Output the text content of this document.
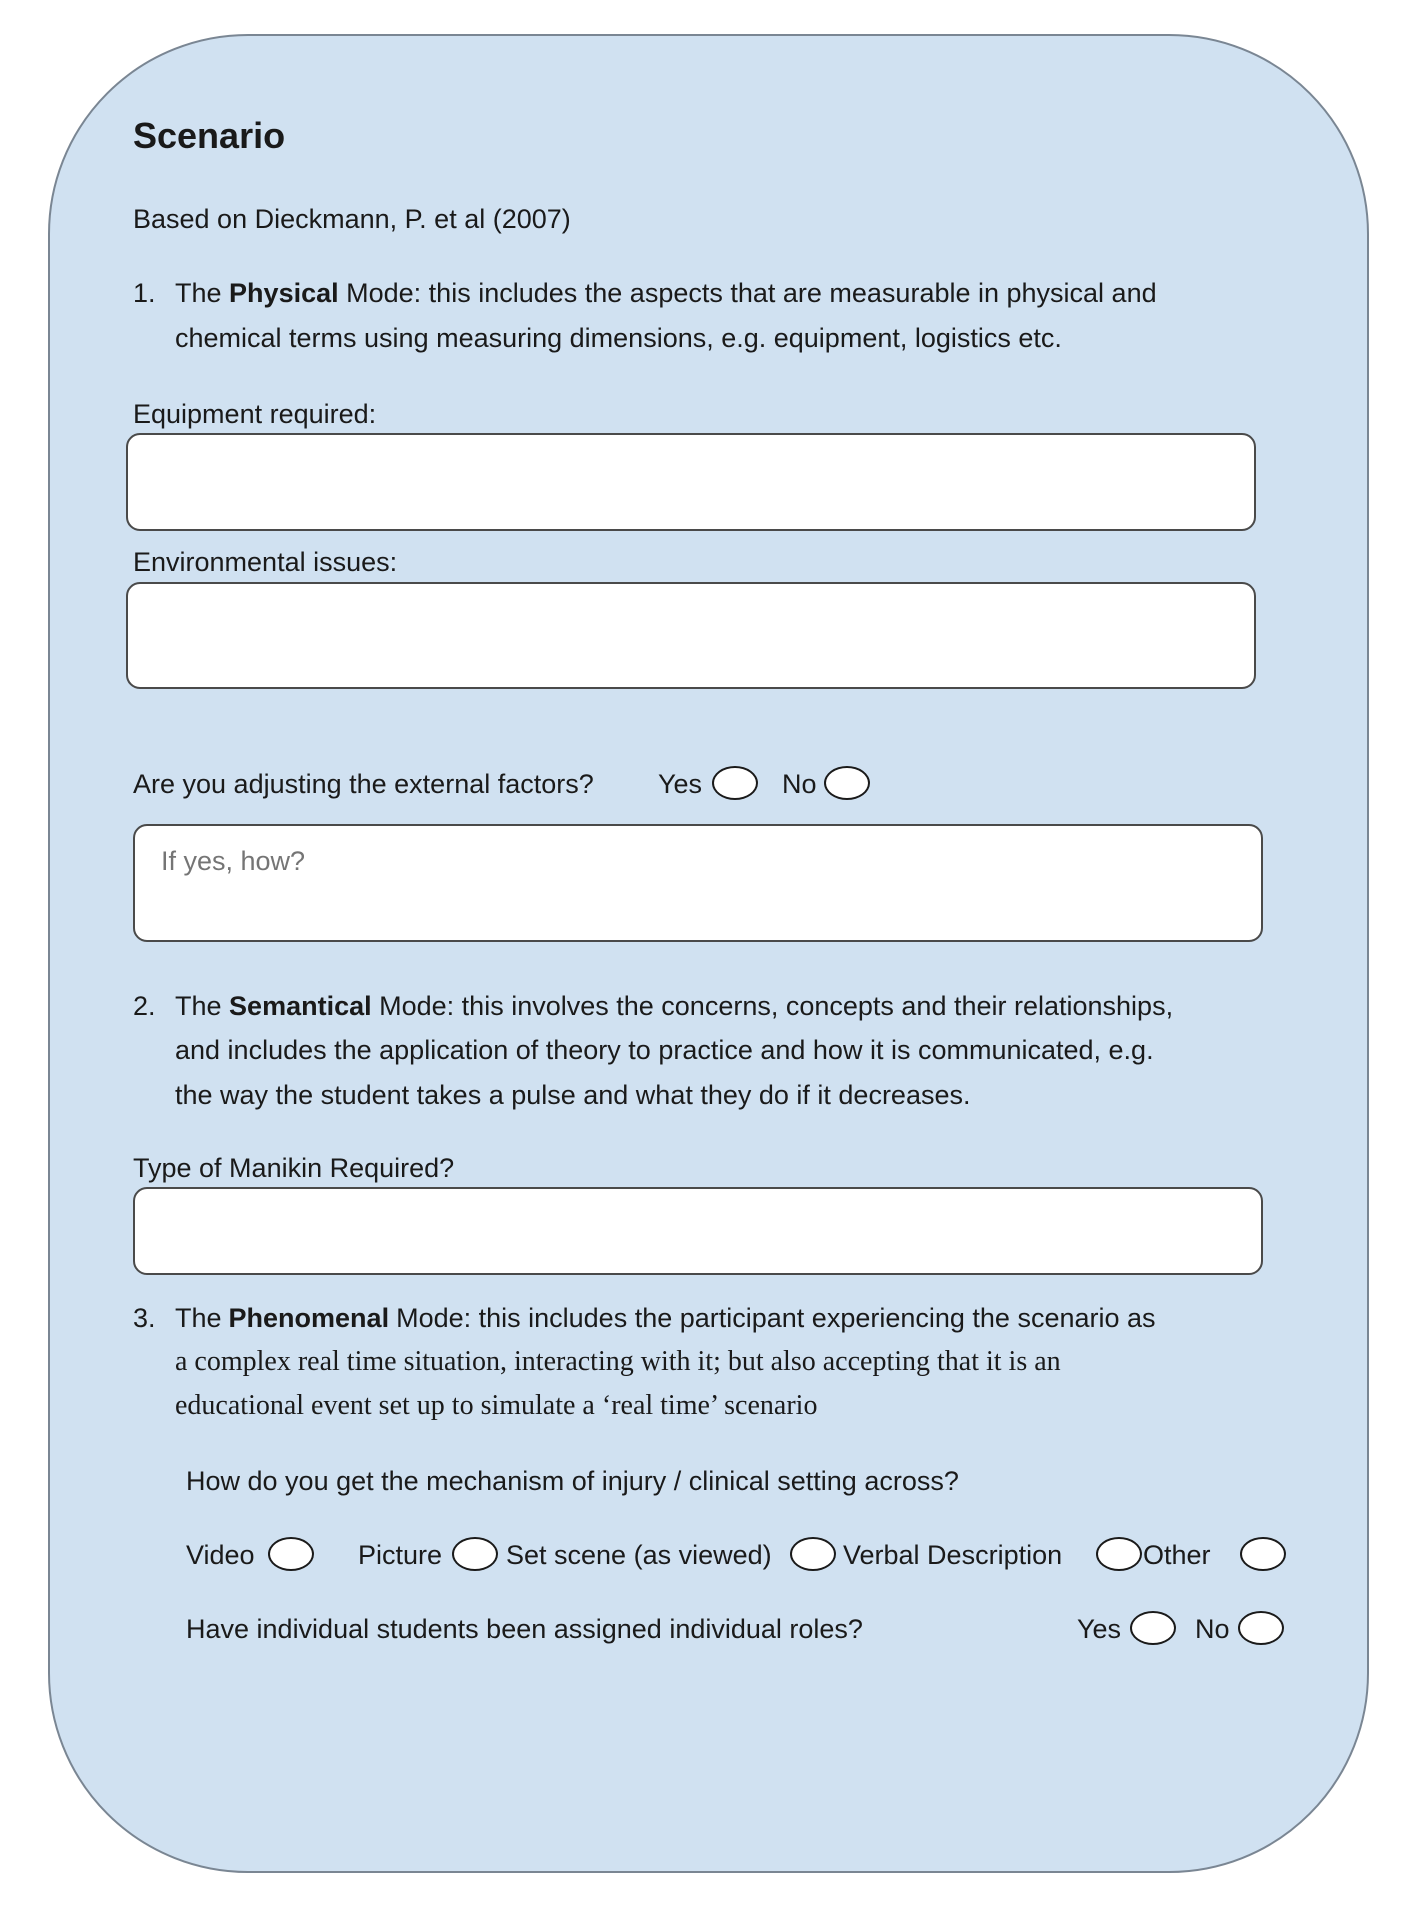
Scenario
Based on Dieckmann, P. et al (2007)
1. The Physical Mode: this includes the aspects that are measurable in physical and
chemical terms using measuring dimensions, e.g. equipment, logistics etc.
Equipment required:
Environmental issues:
Are you adjusting the external factors? Yes	No
If yes, how?
2. The Semantical Mode: this involves the concerns, concepts and their relationships,
and includes the application of theory to practice and how it is communicated, e.g.
the way the student takes a pulse and what they do if it decreases.
Type of Manikin Required?
3. The Phenomenal Mode: this includes the participant experiencing the scenario as
a complex real time situation, interacting with it; but also accepting that it is an
educational event set up to simulate a ‘real time’ scenario
How do you get the mechanism of injury / clinical setting across?
Video	Picture Set scene (as viewed)	Verbal Description	Other
Have individual students been assigned individual roles?	Yes	No
